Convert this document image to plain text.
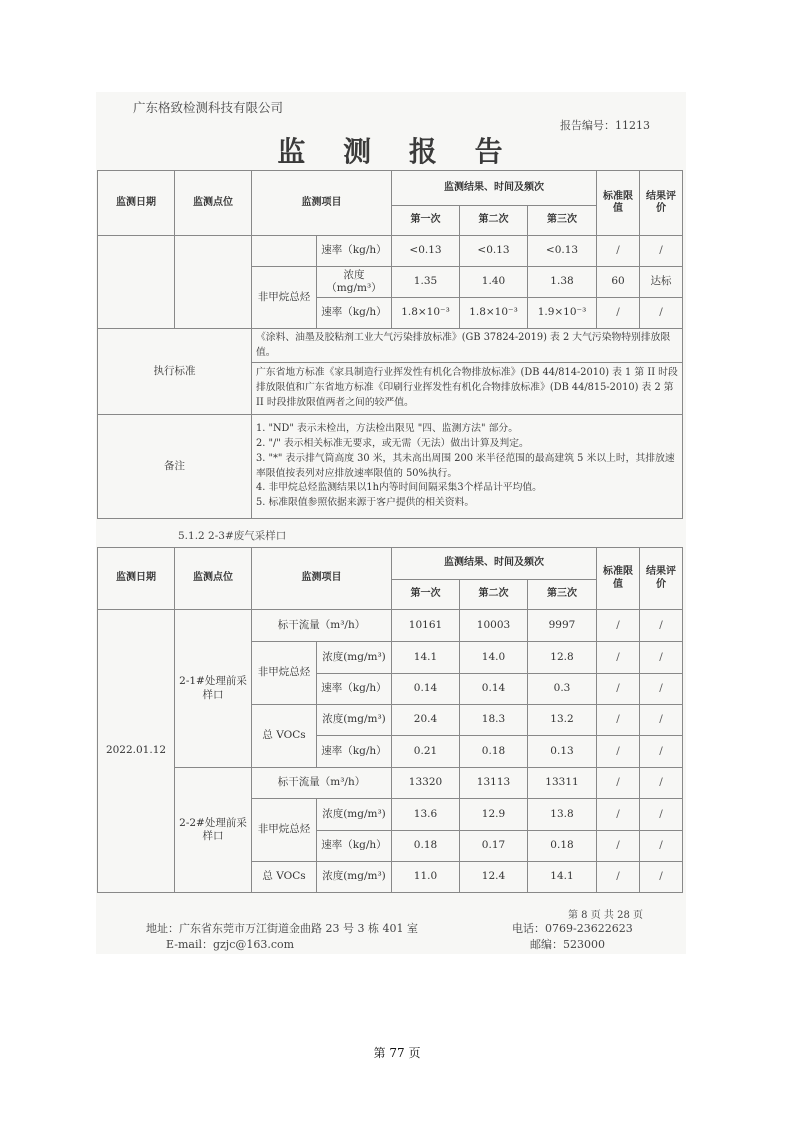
广东格致检测科技有限公司
报告编号：11213
监 测 报 告
监测日期	监测点位	监测项目		监测结果、时间及频次			标准限值	结果评价
				第一次	第二次	第三次		
			速率（kg/h）	<0.13	<0.13	<0.13	/	/
		非甲烷总烃	浓度（mg/m³）	1.35	1.40	1.38	60	达标
			速率（kg/h）	1.8×10⁻³	1.8×10⁻³	1.9×10⁻³	/	/
执行标准		《涂料、油墨及胶粘剂工业大气污染排放标准》(GB 37824-2019) 表 2 大气污染物特别排放限值。						
		广东省地方标准《家具制造行业挥发性有机化合物排放标准》(DB 44/814-2010) 表 1 第 II 时段排放限值和广东省地方标准《印刷行业挥发性有机化合物排放标准》(DB 44/815-2010) 表 2 第 II 时段排放限值两者之间的较严值。						
备注		1. "ND" 表示未检出，方法检出限见 "四、监测方法" 部分。
2. "/" 表示相关标准无要求，或无需（无法）做出计算及判定。
3. "*" 表示排气筒高度 30 米，其未高出周围 200 米半径范围的最高建筑 5 米以上时，其排放速率限值按表列对应排放速率限值的 50%执行。
4. 非甲烷总烃监测结果以1h内等时间间隔采集3个样品计平均值。
5. 标准限值参照依据来源于客户提供的相关资料。						
5.1.2 2-3#废气采样口
监测日期	监测点位	监测项目		监测结果、时间及频次			标准限值	结果评价
				第一次	第二次	第三次		
2022.01.12	2-1#处理前采样口	标干流量（m³/h）		10161	10003	9997	/	/
		非甲烷总烃	浓度(mg/m³)	14.1	14.0	12.8	/	/
			速率（kg/h）	0.14	0.14	0.3	/	/
		总 VOCs	浓度(mg/m³)	20.4	18.3	13.2	/	/
			速率（kg/h）	0.21	0.18	0.13	/	/
	2-2#处理前采样口	标干流量（m³/h）		13320	13113	13311	/	/
		非甲烷总烃	浓度(mg/m³)	13.6	12.9	13.8	/	/
			速率（kg/h）	0.18	0.17	0.18	/	/
		总 VOCs	浓度(mg/m³)	11.0	12.4	14.1	/	/
第 8 页 共 28 页
地址：广东省东莞市万江街道金曲路 23 号 3 栋 401 室	电话：0769-23622623
E-mail：gzjc@163.com	邮编：523000
第 77 页
